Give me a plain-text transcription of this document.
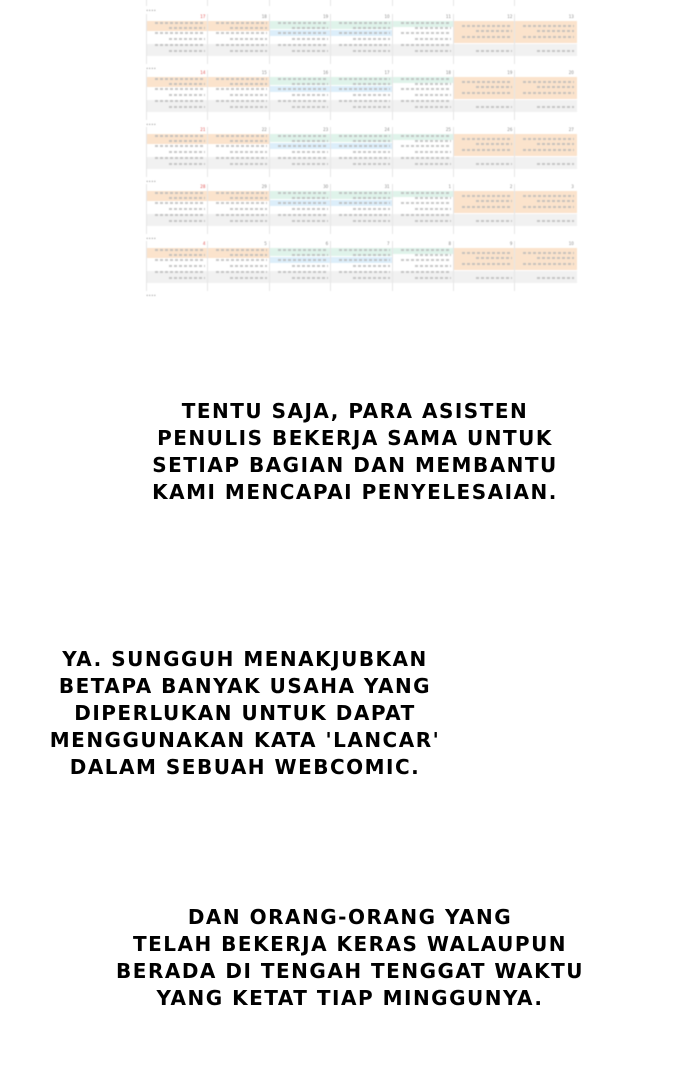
••••
17	18	19	10	11	12	13
••••
14	15	16	17	18	19	20
••••
21	22	23	24	25	26	27
••••
28	29	30	31	1	2	3
••••
4	5	6	7	8	9	10
••••

TENTU SAJA, PARA ASISTEN
PENULIS BEKERJA SAMA UNTUK
SETIAP BAGIAN DAN MEMBANTU
KAMI MENCAPAI PENYELESAIAN.

YA. SUNGGUH MENAKJUBKAN
BETAPA BANYAK USAHA YANG
DIPERLUKAN UNTUK DAPAT
MENGGUNAKAN KATA 'LANCAR'
DALAM SEBUAH WEBCOMIC.

DAN ORANG-ORANG YANG
TELAH BEKERJA KERAS WALAUPUN
BERADA DI TENGAH TENGGAT WAKTU
YANG KETAT TIAP MINGGUNYA.
